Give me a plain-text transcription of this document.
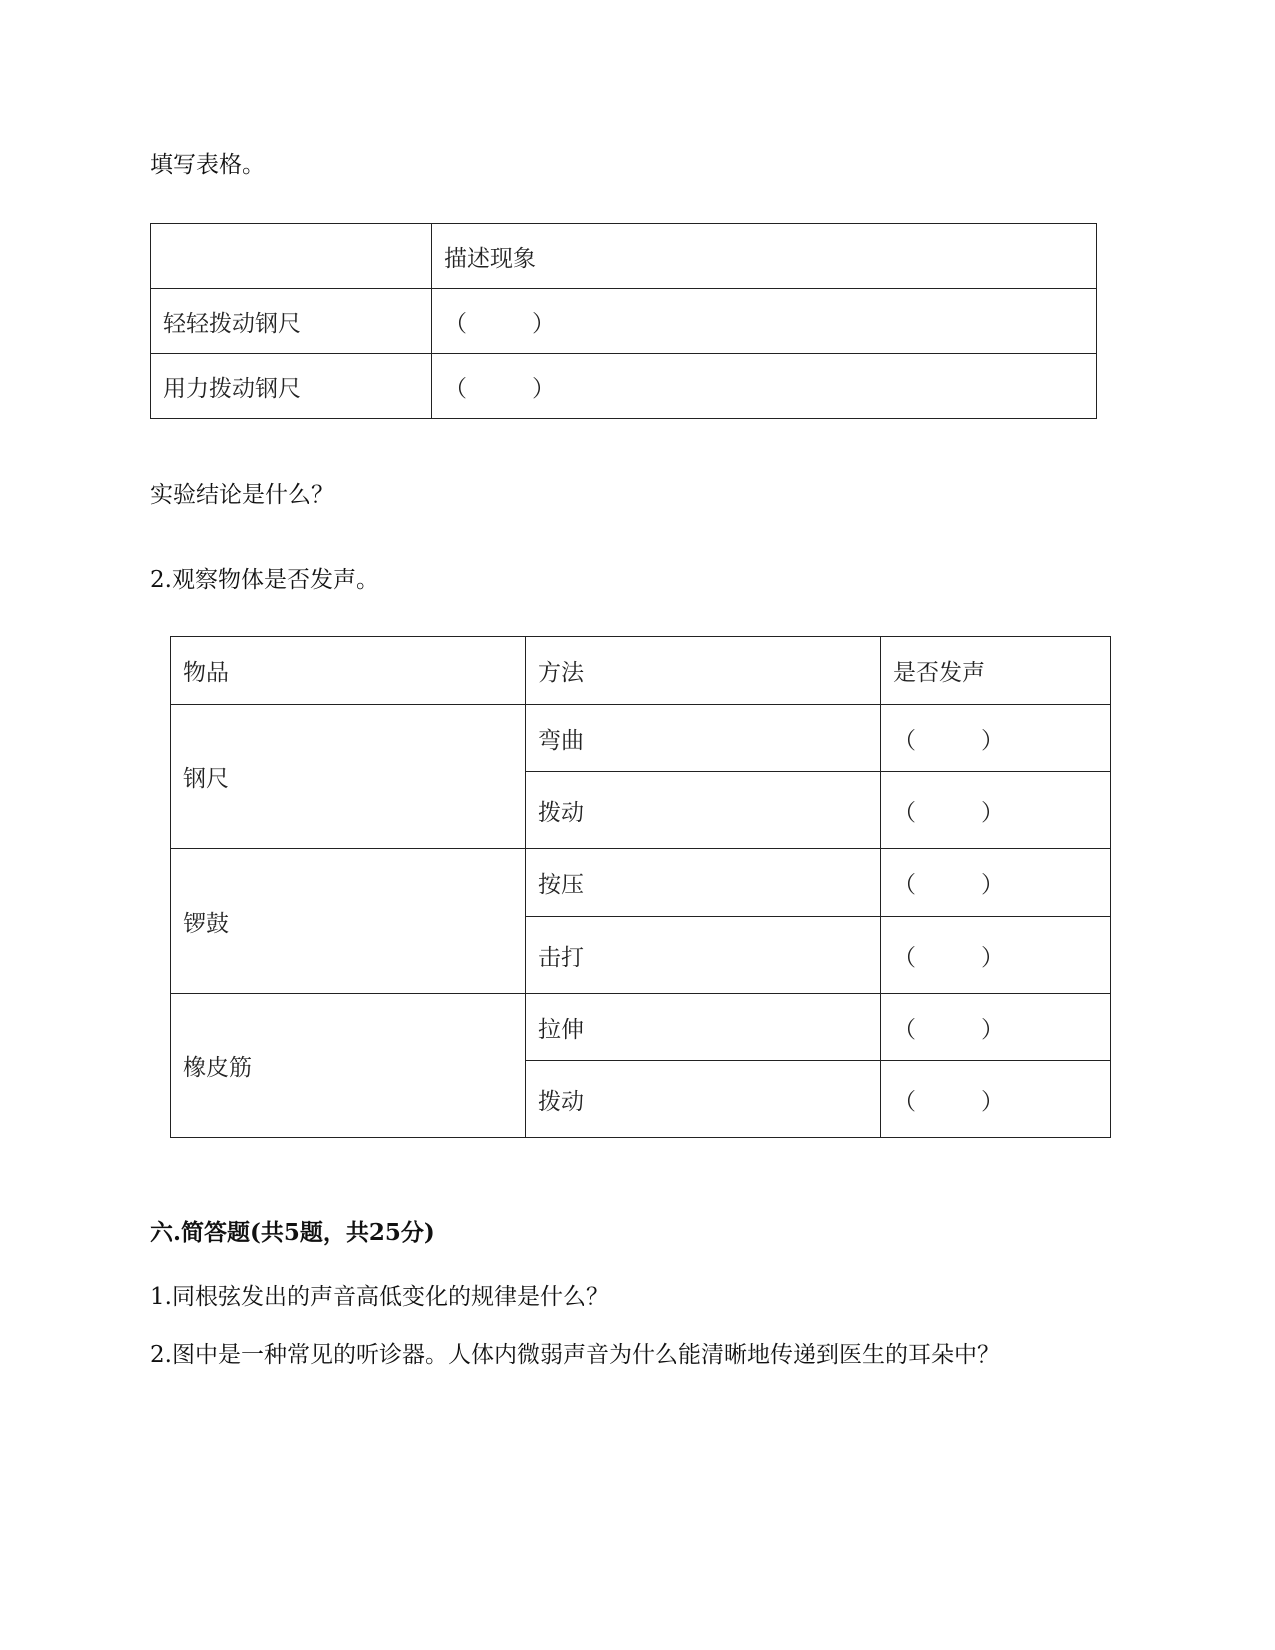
填写表格。

	描述现象
轻轻拨动钢尺	（ ）
用力拨动钢尺	（ ）

实验结论是什么？

2.观察物体是否发声。

物品	方法	是否发声
钢尺	弯曲	（ ）
	拨动	（ ）
锣鼓	按压	（ ）
	击打	（ ）
橡皮筋	拉伸	（ ）
	拨动	（ ）

六.简答题(共5题，共25分)

1.同根弦发出的声音高低变化的规律是什么？

2.图中是一种常见的听诊器。人体内微弱声音为什么能清晰地传递到医生的耳朵中？
